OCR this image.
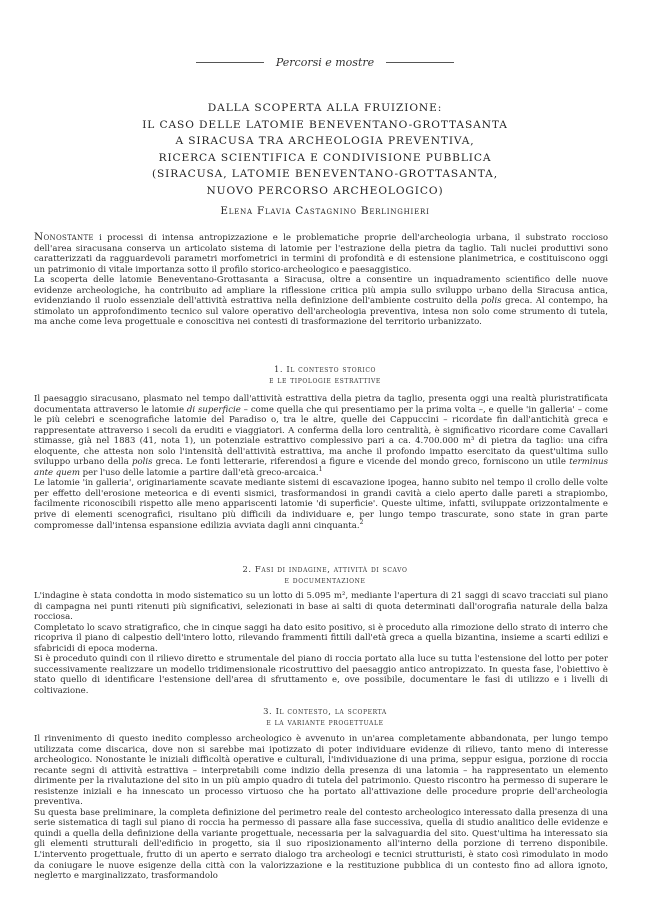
Percorsi e mostre
DALLA SCOPERTA ALLA FRUIZIONE:
IL CASO DELLE LATOMIE BENEVENTANO-GROTTASANTA
A SIRACUSA TRA ARCHEOLOGIA PREVENTIVA,
RICERCA SCIENTIFICA E CONDIVISIONE PUBBLICA
(SIRACUSA, LATOMIE BENEVENTANO-GROTTASANTA,
NUOVO PERCORSO ARCHEOLOGICO)
Elena Flavia Castagnino Berlinghieri

Nonostante i processi di intensa antropizzazione e le problematiche proprie dell'archeologia urbana, il substrato roccioso dell'area siracusana conserva un articolato sistema di latomie per l'estrazione della pietra da taglio. Tali nuclei produttivi sono caratterizzati da ragguardevoli parametri morfometrici in termini di profondità e di estensione planimetrica, e costituiscono oggi un patrimonio di vitale importanza sotto il profilo storico-archeologico e paesaggistico.

La scoperta delle latomie Beneventano-Grottasanta a Siracusa, oltre a consentire un inquadramento scientifico delle nuove evidenze archeologiche, ha contribuito ad ampliare la riflessione critica più ampia sullo sviluppo urbano della Siracusa antica, evidenziando il ruolo essenziale dell'attività estrattiva nella definizione dell'ambiente costruito della polis greca. Al contempo, ha stimolato un approfondimento tecnico sul valore operativo dell'archeologia preventiva, intesa non solo come strumento di tutela, ma anche come leva progettuale e conoscitiva nei contesti di trasformazione del territorio urbanizzato.

1. Il contesto storico
e le tipologie estrattive

Il paesaggio siracusano, plasmato nel tempo dall'attività estrattiva della pietra da taglio, presenta oggi una realtà pluristratificata documentata attraverso le latomie di superficie – come quella che qui presentiamo per la prima volta –, e quelle 'in galleria' – come le più celebri e scenografiche latomie del Paradiso o, tra le altre, quelle dei Cappuccini – ricordate fin dall'antichità greca e rappresentate attraverso i secoli da eruditi e viaggiatori. A conferma della loro centralità, è significativo ricordare come Cavallari stimasse, già nel 1883 (41, nota 1), un potenziale estrattivo complessivo pari a ca. 4.700.000 m³ di pietra da taglio: una cifra eloquente, che attesta non solo l'intensità dell'attività estrattiva, ma anche il profondo impatto esercitato da quest'ultima sullo sviluppo urbano della polis greca. Le fonti letterarie, riferendosi a figure e vicende del mondo greco, forniscono un utile terminus ante quem per l'uso delle latomie a partire dall'età greco-arcaica.$^1$

Le latomie 'in galleria', originariamente scavate mediante sistemi di escavazione ipogea, hanno subito nel tempo il crollo delle volte per effetto dell'erosione meteorica e di eventi sismici, trasformandosi in grandi cavità a cielo aperto dalle pareti a strapiombo, facilmente riconoscibili rispetto alle meno appariscenti latomie 'di superficie'. Queste ultime, infatti, sviluppate orizzontalmente e prive di elementi scenografici, risultano più difficili da individuare e, per lungo tempo trascurate, sono state in gran parte compromesse dall'intensa espansione edilizia avviata dagli anni cinquanta.$^2$

2. Fasi di indagine, attività di scavo
e documentazione

L'indagine è stata condotta in modo sistematico su un lotto di 5.095 m², mediante l'apertura di 21 saggi di scavo tracciati sul piano di campagna nei punti ritenuti più significativi, selezionati in base ai salti di quota determinati dall'orografia naturale della balza rocciosa.

Completato lo scavo stratigrafico, che in cinque saggi ha dato esito positivo, si è proceduto alla rimozione dello strato di interro che ricopriva il piano di calpestio dell'intero lotto, rilevando frammenti fittili dall'età greca a quella bizantina, insieme a scarti edilizi e sfabricidi di epoca moderna.

Si è proceduto quindi con il rilievo diretto e strumentale del piano di roccia portato alla luce su tutta l'estensione del lotto per poter successivamente realizzare un modello tridimensionale ricostruttivo del paesaggio antico antropizzato. In questa fase, l'obiettivo è stato quello di identificare l'estensione dell'area di sfruttamento e, ove possibile, documentare le fasi di utilizzo e i livelli di coltivazione.

3. Il contesto, la scoperta
e la variante progettuale

Il rinvenimento di questo inedito complesso archeologico è avvenuto in un'area completamente abbandonata, per lungo tempo utilizzata come discarica, dove non si sarebbe mai ipotizzato di poter individuare evidenze di rilievo, tanto meno di interesse archeologico. Nonostante le iniziali difficoltà operative e culturali, l'individuazione di una prima, seppur esigua, porzione di roccia recante segni di attività estrattiva – interpretabili come indizio della presenza di una latomia – ha rappresentato un elemento dirimente per la rivalutazione del sito in un più ampio quadro di tutela del patrimonio. Questo riscontro ha permesso di superare le resistenze iniziali e ha innescato un processo virtuoso che ha portato all'attivazione delle procedure proprie dell'archeologia preventiva.

Su questa base preliminare, la completa definizione del perimetro reale del contesto archeologico interessato dalla presenza di una serie sistematica di tagli sul piano di roccia ha permesso di passare alla fase successiva, quella di studio analitico delle evidenze e quindi a quella della definizione della variante progettuale, necessaria per la salvaguardia del sito. Quest'ultima ha interessato sia gli elementi strutturali dell'edificio in progetto, sia il suo riposizionamento all'interno della porzione di terreno disponibile. L'intervento progettuale, frutto di un aperto e serrato dialogo tra archeologi e tecnici strutturisti, è stato così rimodulato in modo da coniugare le nuove esigenze della città con la valorizzazione e la restituzione pubblica di un contesto fino ad allora ignoto, neglетto e marginalizzato, trasformandolo
